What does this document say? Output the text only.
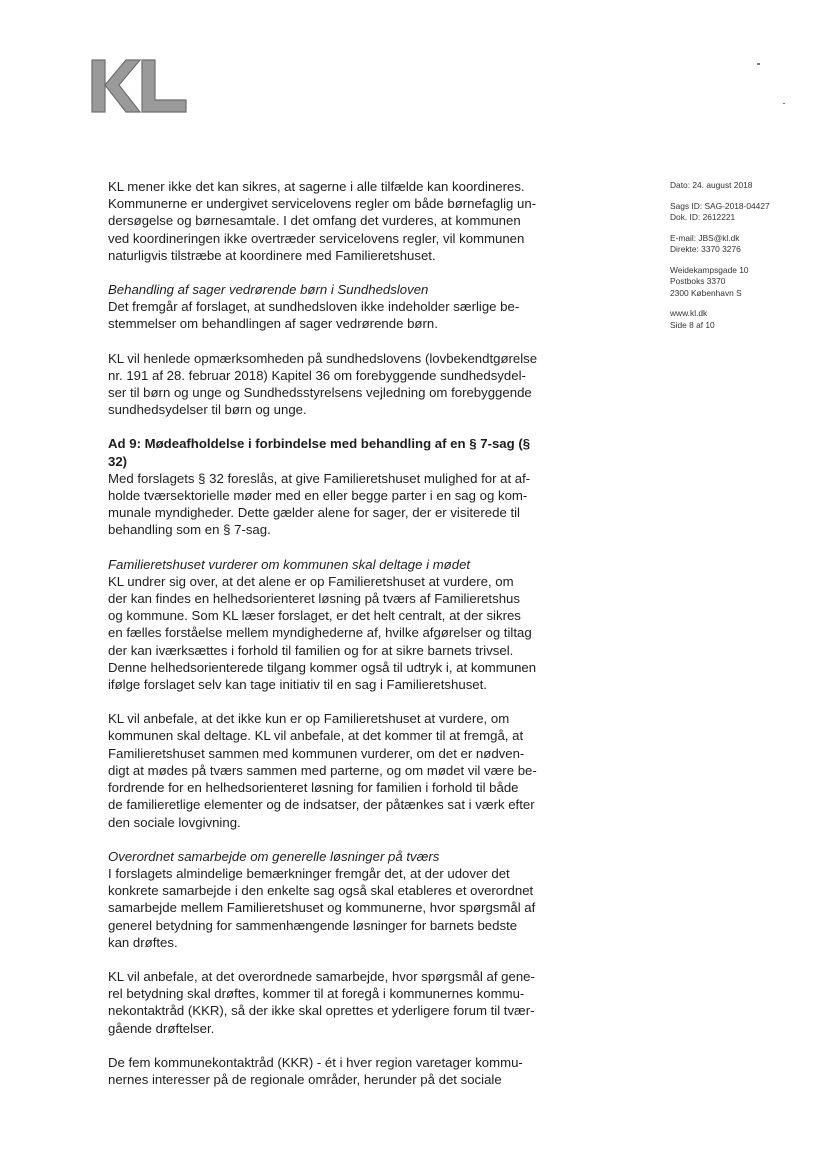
Dato: 24. august 2018
Sags ID: SAG-2018-04427
Dok. ID: 2612221
E-mail: JBS@kl.dk
Direkte: 3370 3276
Weidekampsgade 10
Postboks 3370
2300 København S
www.kl.dk
Side 8 af 10

KL mener ikke det kan sikres, at sagerne i alle tilfælde kan koordineres.

Kommunerne er undergivet servicelovens regler om både børnefaglig un-

dersøgelse og børnesamtale. I det omfang det vurderes, at kommunen

ved koordineringen ikke overtræder servicelovens regler, vil kommunen

naturligvis tilstræbe at koordinere med Familieretshuset.

Behandling af sager vedrørende børn i Sundhedsloven

Det fremgår af forslaget, at sundhedsloven ikke indeholder særlige be-

stemmelser om behandlingen af sager vedrørende børn.

KL vil henlede opmærksomheden på sundhedslovens (lovbekendtgørelse

nr. 191 af 28. februar 2018) Kapitel 36 om forebyggende sundhedsydel-

ser til børn og unge og Sundhedsstyrelsens vejledning om forebyggende

sundhedsydelser til børn og unge.

Ad 9: Mødeafholdelse i forbindelse med behandling af en § 7-sag (§

32)

Med forslagets § 32 foreslås, at give Familieretshuset mulighed for at af-

holde tværsektorielle møder med en eller begge parter i en sag og kom-

munale myndigheder. Dette gælder alene for sager, der er visiterede til

behandling som en § 7-sag.

Familieretshuset vurderer om kommunen skal deltage i mødet

KL undrer sig over, at det alene er op Familieretshuset at vurdere, om

der kan findes en helhedsorienteret løsning på tværs af Familieretshus

og kommune. Som KL læser forslaget, er det helt centralt, at der sikres

en fælles forståelse mellem myndighederne af, hvilke afgørelser og tiltag

der kan iværksættes i forhold til familien og for at sikre barnets trivsel.

Denne helhedsorienterede tilgang kommer også til udtryk i, at kommunen

ifølge forslaget selv kan tage initiativ til en sag i Familieretshuset.

KL vil anbefale, at det ikke kun er op Familieretshuset at vurdere, om

kommunen skal deltage. KL vil anbefale, at det kommer til at fremgå, at

Familieretshuset sammen med kommunen vurderer, om det er nødven-

digt at mødes på tværs sammen med parterne, og om mødet vil være be-

fordrende for en helhedsorienteret løsning for familien i forhold til både

de familieretlige elementer og de indsatser, der påtænkes sat i værk efter

den sociale lovgivning.

Overordnet samarbejde om generelle løsninger på tværs

I forslagets almindelige bemærkninger fremgår det, at der udover det

konkrete samarbejde i den enkelte sag også skal etableres et overordnet

samarbejde mellem Familieretshuset og kommunerne, hvor spørgsmål af

generel betydning for sammenhængende løsninger for barnets bedste

kan drøftes.

KL vil anbefale, at det overordnede samarbejde, hvor spørgsmål af gene-

rel betydning skal drøftes, kommer til at foregå i kommunernes kommu-

nekontaktråd (KKR), så der ikke skal oprettes et yderligere forum til tvær-

gående drøftelser.

De fem kommunekontaktråd (KKR) - ét i hver region varetager kommu-

nernes interesser på de regionale områder, herunder på det sociale
